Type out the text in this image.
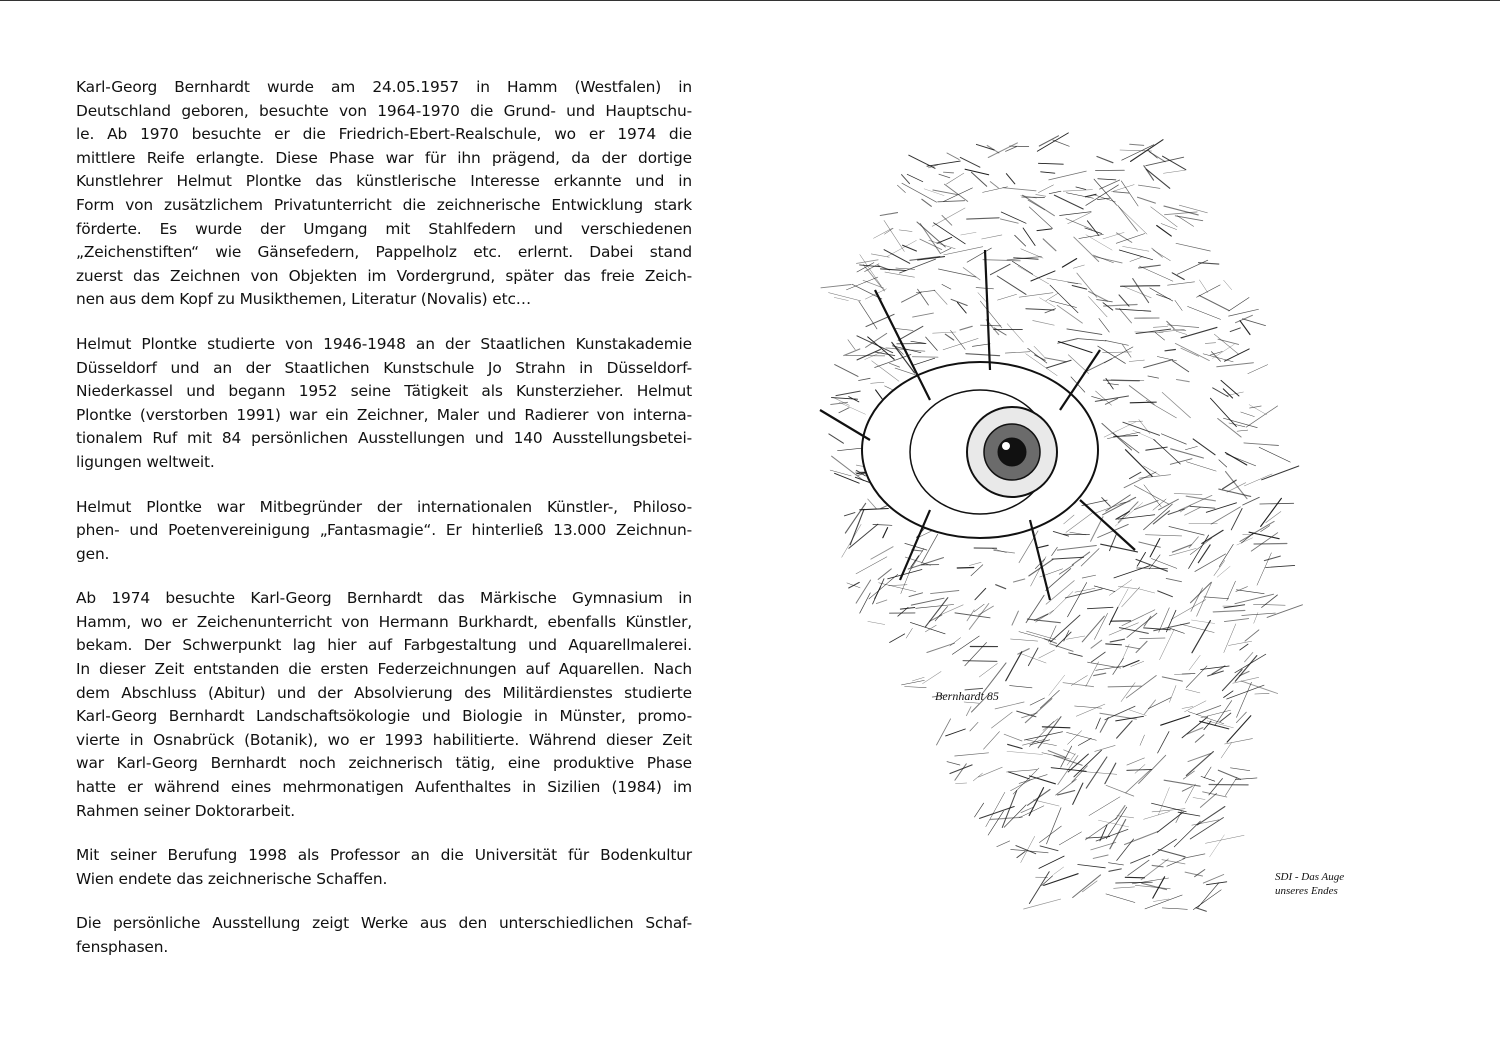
Karl-Georg Bernhardt wurde am 24.05.1957 in Hamm (Westfalen) in
Deutschland geboren, besuchte von 1964-1970 die Grund- und Hauptschu-
le. Ab 1970 besuchte er die Friedrich-Ebert-Realschule, wo er 1974 die
mittlere Reife erlangte. Diese Phase war für ihn prägend, da der dortige
Kunstlehrer Helmut Plontke das künstlerische Interesse erkannte und in
Form von zusätzlichem Privatunterricht die zeichnerische Entwicklung stark
förderte. Es wurde der Umgang mit Stahlfedern und verschiedenen
„Zeichenstiften“ wie Gänsefedern, Pappelholz etc. erlernt. Dabei stand
zuerst das Zeichnen von Objekten im Vordergrund, später das freie Zeich-
nen aus dem Kopf zu Musikthemen, Literatur (Novalis) etc…

Helmut Plontke studierte von 1946-1948 an der Staatlichen Kunstakademie
Düsseldorf und an der Staatlichen Kunstschule Jo Strahn in Düsseldorf-
Niederkassel und begann 1952 seine Tätigkeit als Kunsterzieher. Helmut
Plontke (verstorben 1991) war ein Zeichner, Maler und Radierer von interna-
tionalem Ruf mit 84 persönlichen Ausstellungen und 140 Ausstellungsbetei-
ligungen weltweit.

Helmut Plontke war Mitbegründer der internationalen Künstler-, Philoso-
phen- und Poetenvereinigung „Fantasmagie“. Er hinterließ 13.000 Zeichnun-
gen.

Ab 1974 besuchte Karl-Georg Bernhardt das Märkische Gymnasium in
Hamm, wo er Zeichenunterricht von Hermann Burkhardt, ebenfalls Künstler,
bekam. Der Schwerpunkt lag hier auf Farbgestaltung und Aquarellmalerei.
In dieser Zeit entstanden die ersten Federzeichnungen auf Aquarellen. Nach
dem Abschluss (Abitur) und der Absolvierung des Militärdienstes studierte
Karl-Georg Bernhardt Landschaftsökologie und Biologie in Münster, promo-
vierte in Osnabrück (Botanik), wo er 1993 habilitierte. Während dieser Zeit
war Karl-Georg Bernhardt noch zeichnerisch tätig, eine produktive Phase
hatte er während eines mehrmonatigen Aufenthaltes in Sizilien (1984) im
Rahmen seiner Doktorarbeit.

Mit seiner Berufung 1998 als Professor an die Universität für Bodenkultur
Wien endete das zeichnerische Schaffen.

Die persönliche Ausstellung zeigt Werke aus den unterschiedlichen Schaf-
fensphasen.

Bernhardt 85
SDI - Das Auge
unseres Endes
